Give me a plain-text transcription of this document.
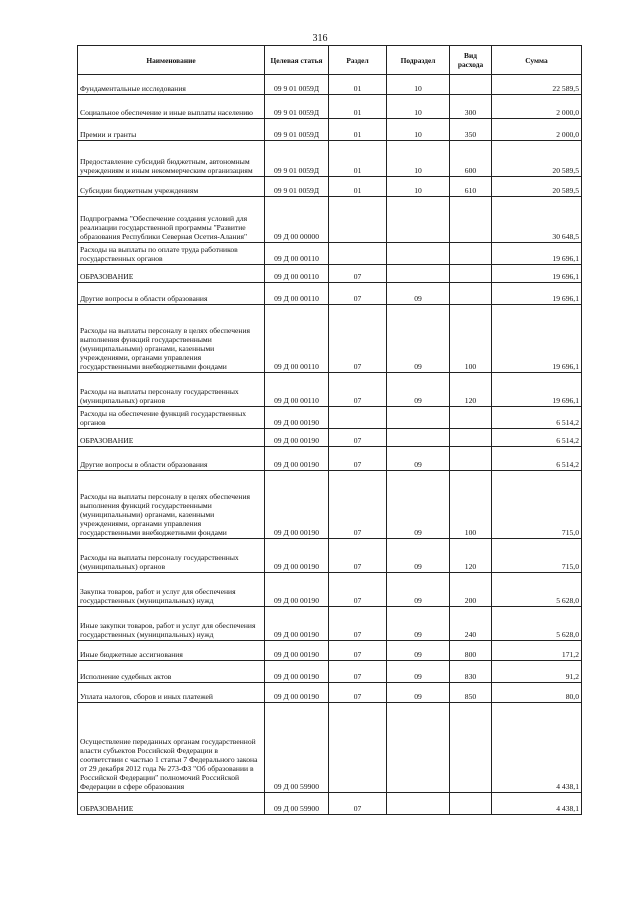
316
Наименование	Целевая статья	Раздел	Подраздел	Вид расхода	Сумма
Фундаментальные исследования	09 9 01 0059Д	01	10		22 589,5
Социальное обеспечение и иные выплаты населению	09 9 01 0059Д	01	10	300	2 000,0
Премии и гранты	09 9 01 0059Д	01	10	350	2 000,0
Предоставление субсидий бюджетным, автономным учреждениям и иным некоммерческим организациям	09 9 01 0059Д	01	10	600	20 589,5
Субсидии бюджетным учреждениям	09 9 01 0059Д	01	10	610	20 589,5
Подпрограмма "Обеспечение создания условий для реализации государственной программы "Развитие образования Республики Северная Осетия-Алания"	09 Д 00 00000				30 648,5
Расходы на выплаты по оплате труда работников государственных органов	09 Д 00 00110				19 696,1
ОБРАЗОВАНИЕ	09 Д 00 00110	07			19 696,1
Другие вопросы в области образования	09 Д 00 00110	07	09		19 696,1
Расходы на выплаты персоналу в целях обеспечения выполнения функций государственными (муниципальными) органами, казенными учреждениями, органами управления государственными внебюджетными фондами	09 Д 00 00110	07	09	100	19 696,1
Расходы на выплаты персоналу государственных (муниципальных) органов	09 Д 00 00110	07	09	120	19 696,1
Расходы на обеспечение функций государственных органов	09 Д 00 00190				6 514,2
ОБРАЗОВАНИЕ	09 Д 00 00190	07			6 514,2
Другие вопросы в области образования	09 Д 00 00190	07	09		6 514,2
Расходы на выплаты персоналу в целях обеспечения выполнения функций государственными (муниципальными) органами, казенными учреждениями, органами управления государственными внебюджетными фондами	09 Д 00 00190	07	09	100	715,0
Расходы на выплаты персоналу государственных (муниципальных) органов	09 Д 00 00190	07	09	120	715,0
Закупка товаров, работ и услуг для обеспечения государственных (муниципальных) нужд	09 Д 00 00190	07	09	200	5 628,0
Иные закупки товаров, работ и услуг для обеспечения государственных (муниципальных) нужд	09 Д 00 00190	07	09	240	5 628,0
Иные бюджетные ассигнования	09 Д 00 00190	07	09	800	171,2
Исполнение судебных актов	09 Д 00 00190	07	09	830	91,2
Уплата налогов, сборов и иных платежей	09 Д 00 00190	07	09	850	80,0
Осуществление переданных органам государственной власти субъектов Российской Федерации в соответствии с частью 1 статьи 7 Федерального закона от 29 декабря 2012 года № 273-ФЗ "Об образовании в Российской Федерации" полномочий Российской Федерации в сфере образования	09 Д 00 59900				4 438,1
ОБРАЗОВАНИЕ	09 Д 00 59900	07			4 438,1
